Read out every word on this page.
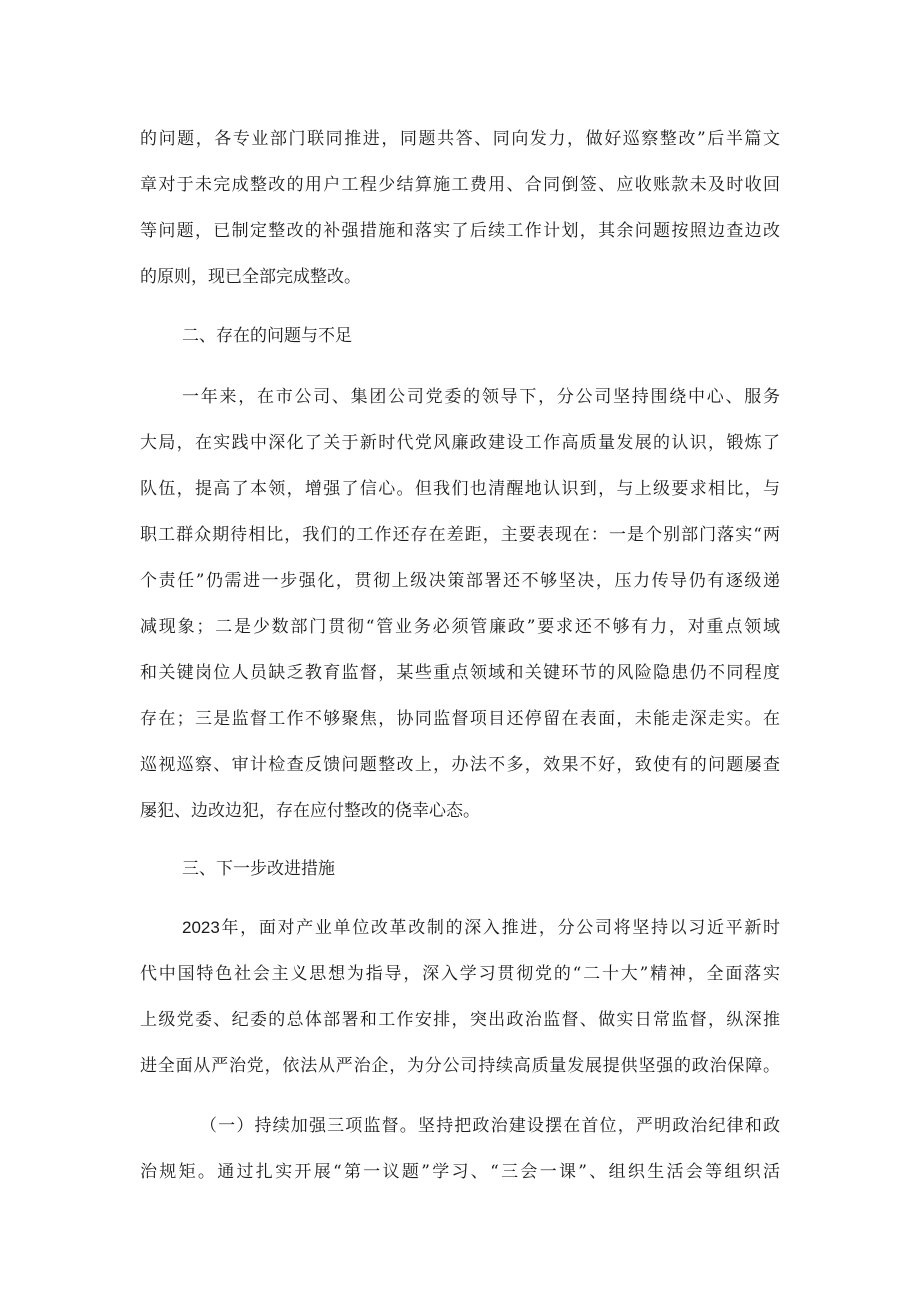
的问题，各专业部门联同推进，同题共答、同向发力，做好巡察整改”后半篇文
章对于未完成整改的用户工程少结算施工费用、合同倒签、应收账款未及时收回
等问题，已制定整改的补强措施和落实了后续工作计划，其余问题按照边查边改
的原则，现已全部完成整改。
二、存在的问题与不足
一年来，在市公司、集团公司党委的领导下，分公司坚持围绕中心、服务
大局，在实践中深化了关于新时代党风廉政建设工作高质量发展的认识，锻炼了
队伍，提高了本领，增强了信心。但我们也清醒地认识到，与上级要求相比，与
职工群众期待相比，我们的工作还存在差距，主要表现在：一是个别部门落实“两
个责任”仍需进一步强化，贯彻上级决策部署还不够坚决，压力传导仍有逐级递
减现象；二是少数部门贯彻“管业务必须管廉政”要求还不够有力，对重点领域
和关键岗位人员缺乏教育监督，某些重点领域和关键环节的风险隐患仍不同程度
存在；三是监督工作不够聚焦，协同监督项目还停留在表面，未能走深走实。在
巡视巡察、审计检查反馈问题整改上，办法不多，效果不好，致使有的问题屡查
屡犯、边改边犯，存在应付整改的侥幸心态。
三、下一步改进措施
2023年，面对产业单位改革改制的深入推进，分公司将坚持以习近平新时
代中国特色社会主义思想为指导，深入学习贯彻党的“二十大”精神，全面落实
上级党委、纪委的总体部署和工作安排，突出政治监督、做实日常监督，纵深推
进全面从严治党，依法从严治企，为分公司持续高质量发展提供坚强的政治保障。
（一）持续加强三项监督。坚持把政治建设摆在首位，严明政治纪律和政
治规矩。通过扎实开展“第一议题”学习、“三会一课”、组织生活会等组织活
